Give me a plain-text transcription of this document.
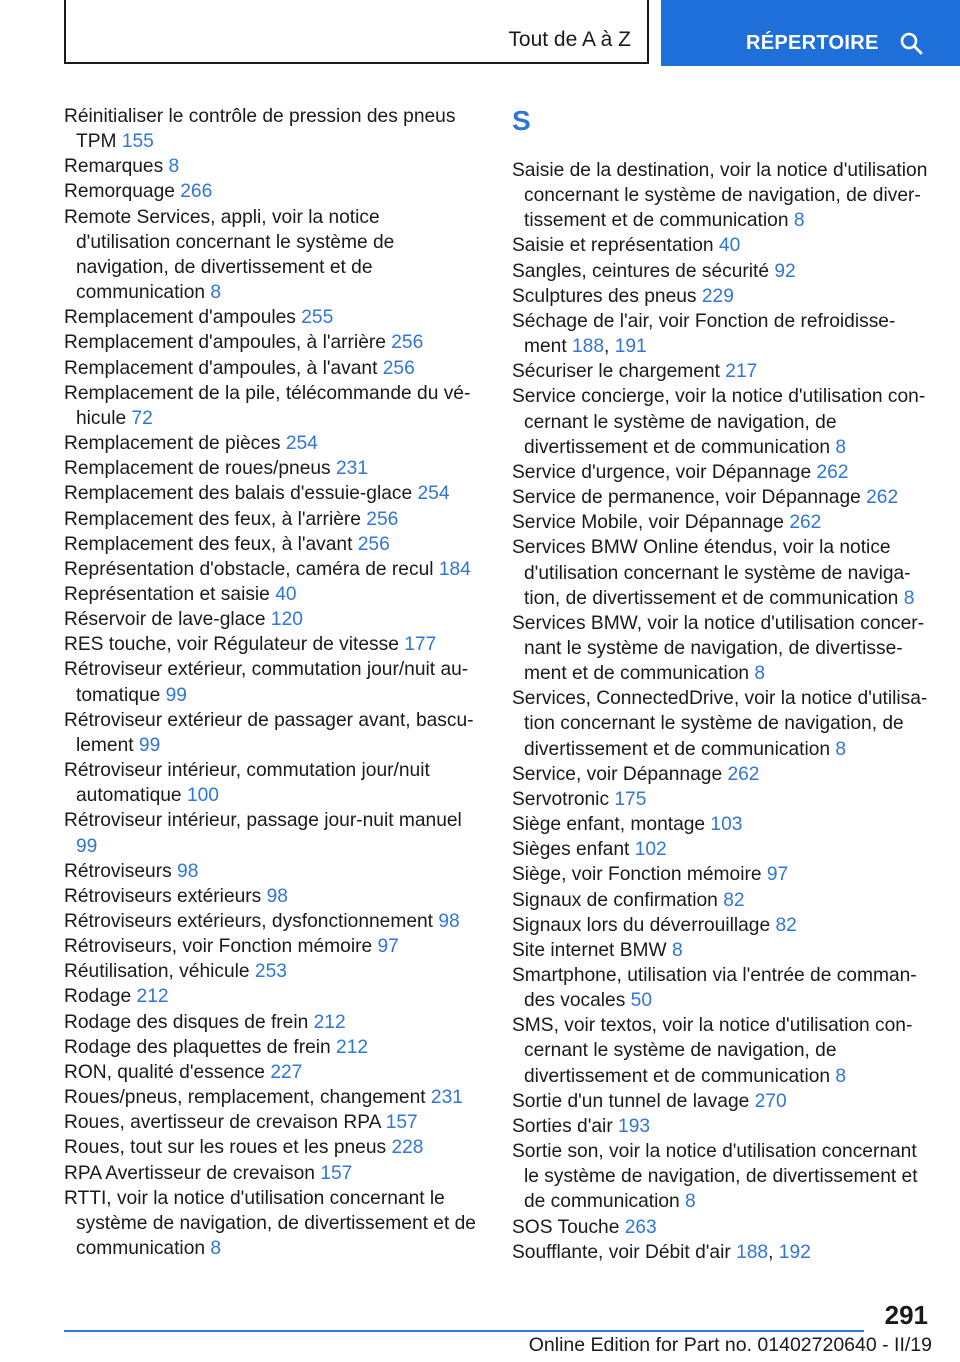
Tout de A à Z	RÉPERTOIRE
Réinitialiser le contrôle de pression des pneus TPM 155
Remarques 8
Remorquage 266
Remote Services, appli, voir la notice d'utilisation concernant le système de navigation, de divertissement et de communication 8
Remplacement d'ampoules 255
Remplacement d'ampoules, à l'arrière 256
Remplacement d'ampoules, à l'avant 256
Remplacement de la pile, télécommande du véhicule 72
Remplacement de pièces 254
Remplacement de roues/pneus 231
Remplacement des balais d'essuie-glace 254
Remplacement des feux, à l'arrière 256
Remplacement des feux, à l'avant 256
Représentation d'obstacle, caméra de recul 184
Représentation et saisie 40
Réservoir de lave-glace 120
RES touche, voir Régulateur de vitesse 177
Rétroviseur extérieur, commutation jour/nuit automatique 99
Rétroviseur extérieur de passager avant, basculement 99
Rétroviseur intérieur, commutation jour/nuit automatique 100
Rétroviseur intérieur, passage jour-nuit manuel 99
Rétroviseurs 98
Rétroviseurs extérieurs 98
Rétroviseurs extérieurs, dysfonctionnement 98
Rétroviseurs, voir Fonction mémoire 97
Réutilisation, véhicule 253
Rodage 212
Rodage des disques de frein 212
Rodage des plaquettes de frein 212
RON, qualité d'essence 227
Roues/pneus, remplacement, changement 231
Roues, avertisseur de crevaison RPA 157
Roues, tout sur les roues et les pneus 228
RPA Avertisseur de crevaison 157
RTTI, voir la notice d'utilisation concernant le système de navigation, de divertissement et de communication 8
S
Saisie de la destination, voir la notice d'utilisation concernant le système de navigation, de divertissement et de communication 8
Saisie et représentation 40
Sangles, ceintures de sécurité 92
Sculptures des pneus 229
Séchage de l'air, voir Fonction de refroidissement 188, 191
Sécuriser le chargement 217
Service concierge, voir la notice d'utilisation concernant le système de navigation, de divertissement et de communication 8
Service d'urgence, voir Dépannage 262
Service de permanence, voir Dépannage 262
Service Mobile, voir Dépannage 262
Services BMW Online étendus, voir la notice d'utilisation concernant le système de navigation, de divertissement et de communication 8
Services BMW, voir la notice d'utilisation concernant le système de navigation, de divertissement et de communication 8
Services, ConnectedDrive, voir la notice d'utilisation concernant le système de navigation, de divertissement et de communication 8
Service, voir Dépannage 262
Servotronic 175
Siège enfant, montage 103
Sièges enfant 102
Siège, voir Fonction mémoire 97
Signaux de confirmation 82
Signaux lors du déverrouillage 82
Site internet BMW 8
Smartphone, utilisation via l'entrée de commandes vocales 50
SMS, voir textos, voir la notice d'utilisation concernant le système de navigation, de divertissement et de communication 8
Sortie d'un tunnel de lavage 270
Sorties d'air 193
Sortie son, voir la notice d'utilisation concernant le système de navigation, de divertissement et de communication 8
SOS Touche 263
Soufflante, voir Débit d'air 188, 192
291
Online Edition for Part no. 01402720640 - II/19
